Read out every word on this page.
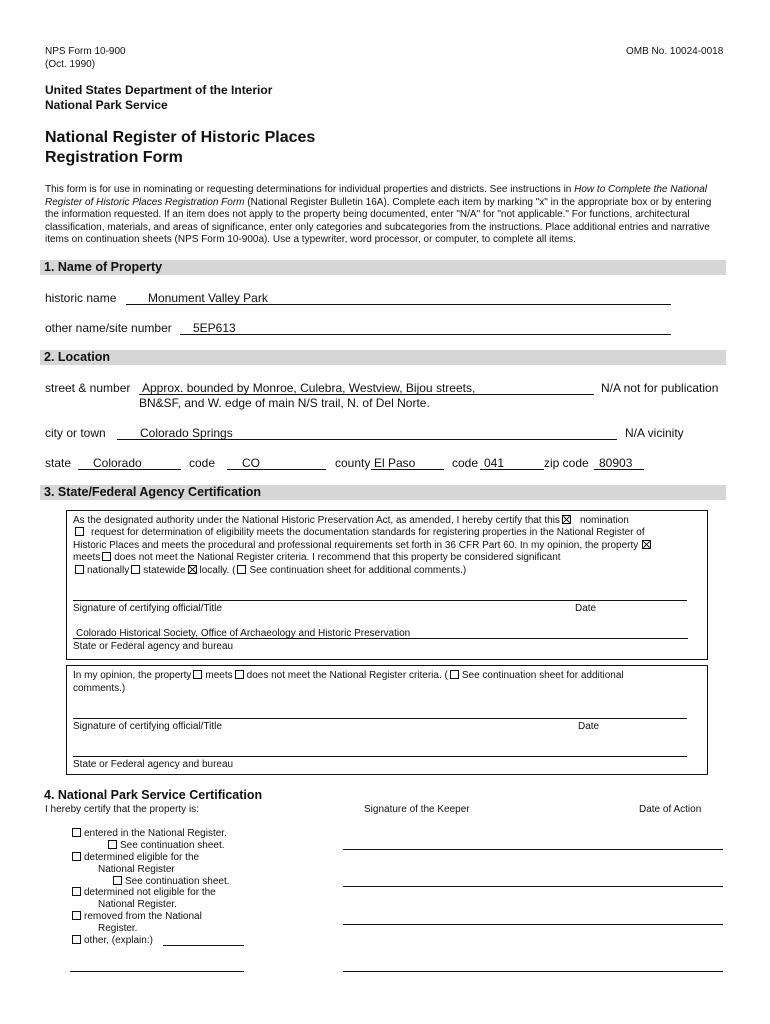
NPS Form 10-900
(Oct. 1990)
OMB No. 10024-0018
United States Department of the Interior
National Park Service
National Register of Historic Places
Registration Form
This form is for use in nominating or requesting determinations for individual properties and districts. See instructions in How to Complete the National Register of Historic Places Registration Form (National Register Bulletin 16A). Complete each item by marking "x" in the appropriate box or by entering the information requested. If an item does not apply to the property being documented, enter "N/A" for "not applicable." For functions, architectural classification, materials, and areas of significance, enter only categories and subcategories from the instructions. Place additional entries and narrative items on continuation sheets (NPS Form 10-900a). Use a typewriter, word processor, or computer, to complete all items.
1. Name of Property
historic name	Monument Valley Park
other name/site number 5EP613
2. Location
street & number Approx. bounded by Monroe, Culebra, Westview, Bijou streets,
BN&SF, and W. edge of main N/S trail, N. of Del Norte.
N/A not for publication
city or town	Colorado Springs	N/A vicinity
state Colorado	code CO	county El Paso	code 041	zip code 80903
3. State/Federal Agency Certification
As the designated authority under the National Historic Preservation Act, as amended, I hereby certify that this nomination
request for determination of eligibility meets the documentation standards for registering properties in the National Register of
Historic Places and meets the procedural and professional requirements set forth in 36 CFR Part 60. In my opinion, the property
meets does not meet the National Register criteria. I recommend that this property be considered significant
nationally statewide locally. ( See continuation sheet for additional comments.)
Signature of certifying official/Title	Date
Colorado Historical Society, Office of Archaeology and Historic Preservation
State or Federal agency and bureau
In my opinion, the property meets does not meet the National Register criteria. ( See continuation sheet for additional
comments.)
Signature of certifying official/Title	Date
State or Federal agency and bureau
4. National Park Service Certification
I hereby certify that the property is:	Signature of the Keeper	Date of Action
entered in the National Register.
See continuation sheet.
determined eligible for the
National Register
See continuation sheet.
determined not eligible for the
National Register.
removed from the National
Register.
other, (explain:)
